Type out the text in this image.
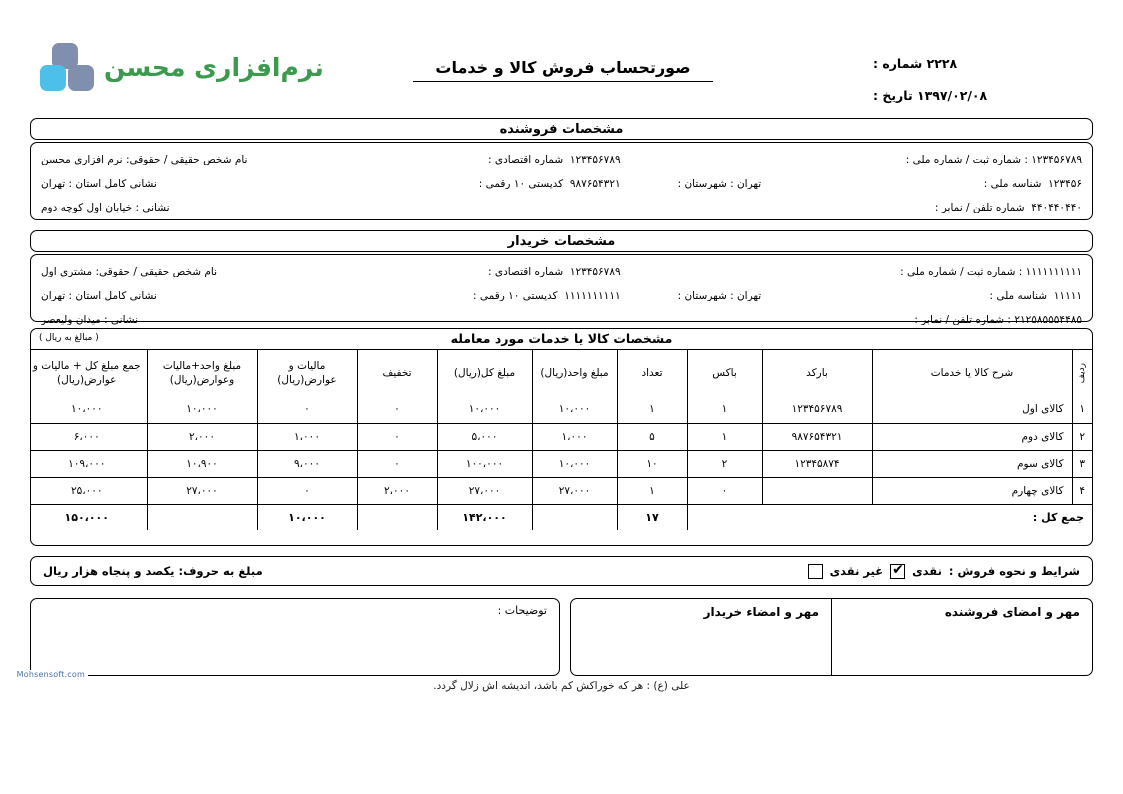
نرم‌افزاری محسن	صورتحساب فروش کالا و خدمات	۲۲۲۸ شماره :
۱۳۹۷/۰۲/۰۸ تاریخ :
مشخصات فروشنده
۱۲۳۴۵۶۷۸۹ : شماره ثبت / شماره ملی :
۱۲۳۴۵۶۷۸۹  شماره اقتصادی :
نام شخص حقیقی / حقوقی: نرم افزاری محسن
۱۲۳۴۵۶  شناسه ملی :
تهران : شهرستان :
۹۸۷۶۵۴۳۲۱  کدپستی ۱۰ رقمی :
نشانی کامل استان : تهران
۴۴۰۴۴۰۴۴۰  شماره تلفن / نمابر :
نشانی : خیابان اول کوچه دوم
مشخصات خریدار
۱۱۱۱۱۱۱۱۱۱ : شماره ثبت / شماره ملی :
۱۲۳۴۵۶۷۸۹  شماره اقتصادی :
نام شخص حقیقی / حقوقی: مشتری اول
۱۱۱۱۱  شناسه ملی :
تهران : شهرستان :
۱۱۱۱۱۱۱۱۱۱  کدپستی ۱۰ رقمی :
نشانی کامل استان : تهران
۲۱۲۵۸۵۵۵۴۴۸۵ : شماره تلفن / نمابر :
نشانی : میدان ولیعصر
مشخصات کالا یا خدمات مورد معامله
( مبالغ به ریال )
ردیف	شرح کالا یا خدمات	بارکد	باکس	تعداد	مبلغ واحد(ریال)	مبلغ کل(ریال)	تخفیف	مالیات و عوارض(ریال)	مبلغ واحد+مالیات وعوارض(ریال)	جمع مبلغ کل + مالیات و عوارض(ریال)
۱	کالای اول	۱۲۳۴۵۶۷۸۹	۱	۱	۱۰،۰۰۰	۱۰،۰۰۰	۰	۰	۱۰،۰۰۰	۱۰،۰۰۰
۲	کالای دوم	۹۸۷۶۵۴۳۲۱	۱	۵	۱،۰۰۰	۵،۰۰۰	۰	۱،۰۰۰	۲،۰۰۰	۶،۰۰۰
۳	کالای سوم	۱۲۳۴۵۸۷۴	۲	۱۰	۱۰،۰۰۰	۱۰۰،۰۰۰	۰	۹،۰۰۰	۱۰،۹۰۰	۱۰۹،۰۰۰
۴	کالای چهارم		۰	۱	۲۷،۰۰۰	۲۷،۰۰۰	۲،۰۰۰	۰	۲۷،۰۰۰	۲۵،۰۰۰
جمع کل :				۱۷		۱۴۲،۰۰۰		۱۰،۰۰۰		۱۵۰،۰۰۰
شرایط و نحوه فروش :
نقدی
✔
غیر نقدی
مبلغ به حروف: یکصد و پنجاه هزار ریال
توضیحات :	مهر و امضای فروشنده
مهر و امضاء خریدار
علی (ع) : هر که خوراکش کم باشد، اندیشه اش زلال گردد.
Mohsensoft.com
